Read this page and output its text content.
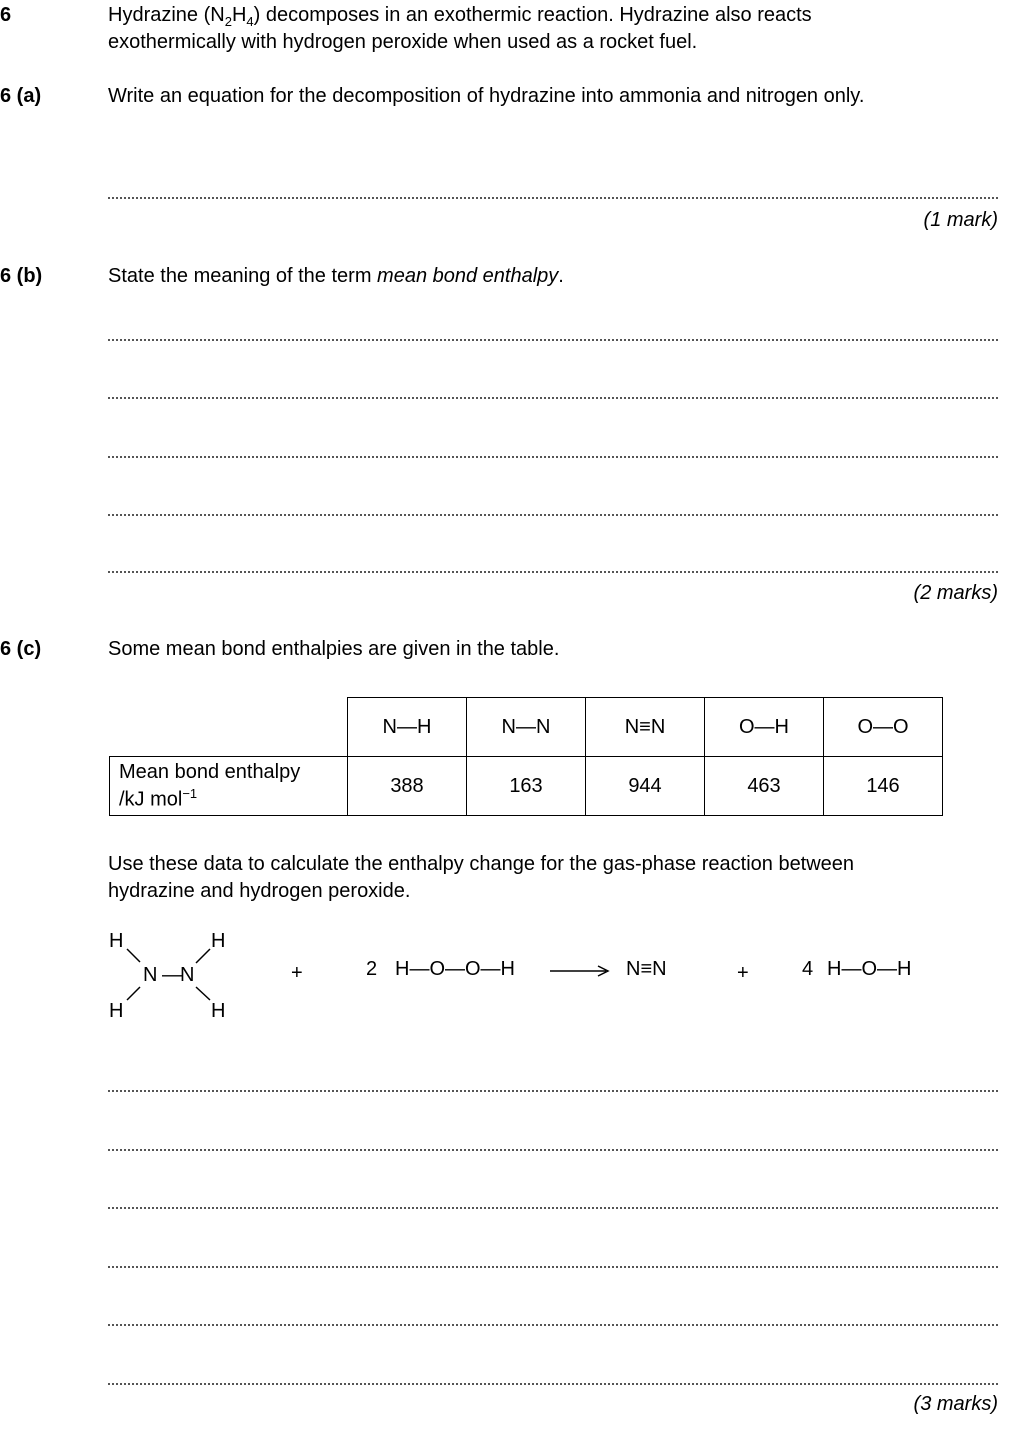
6	Hydrazine $(N_2H_4)$ decomposes in an exothermic reaction. Hydrazine also reacts
exothermically with hydrogen peroxide when used as a rocket fuel.
6 (a)	Write an equation for the decomposition of hydrazine into ammonia and nitrogen only.
(1 mark)
6 (b)	State the meaning of the term mean bond enthalpy.
(2 marks)
6 (c)	Some mean bond enthalpies are given in the table.
	N—H	N—N	N≡N	O—H	O—O
Mean bond enthalpy
/kJ mol$^{-1}$	388	163	944	463	146
Use these data to calculate the enthalpy change for the gas-phase reaction between
hydrazine and hydrogen peroxide.
H	H
N —
N
H	H
+	2 H—O—O—H → N≡N	+	4 H—O—H
(3 marks)
